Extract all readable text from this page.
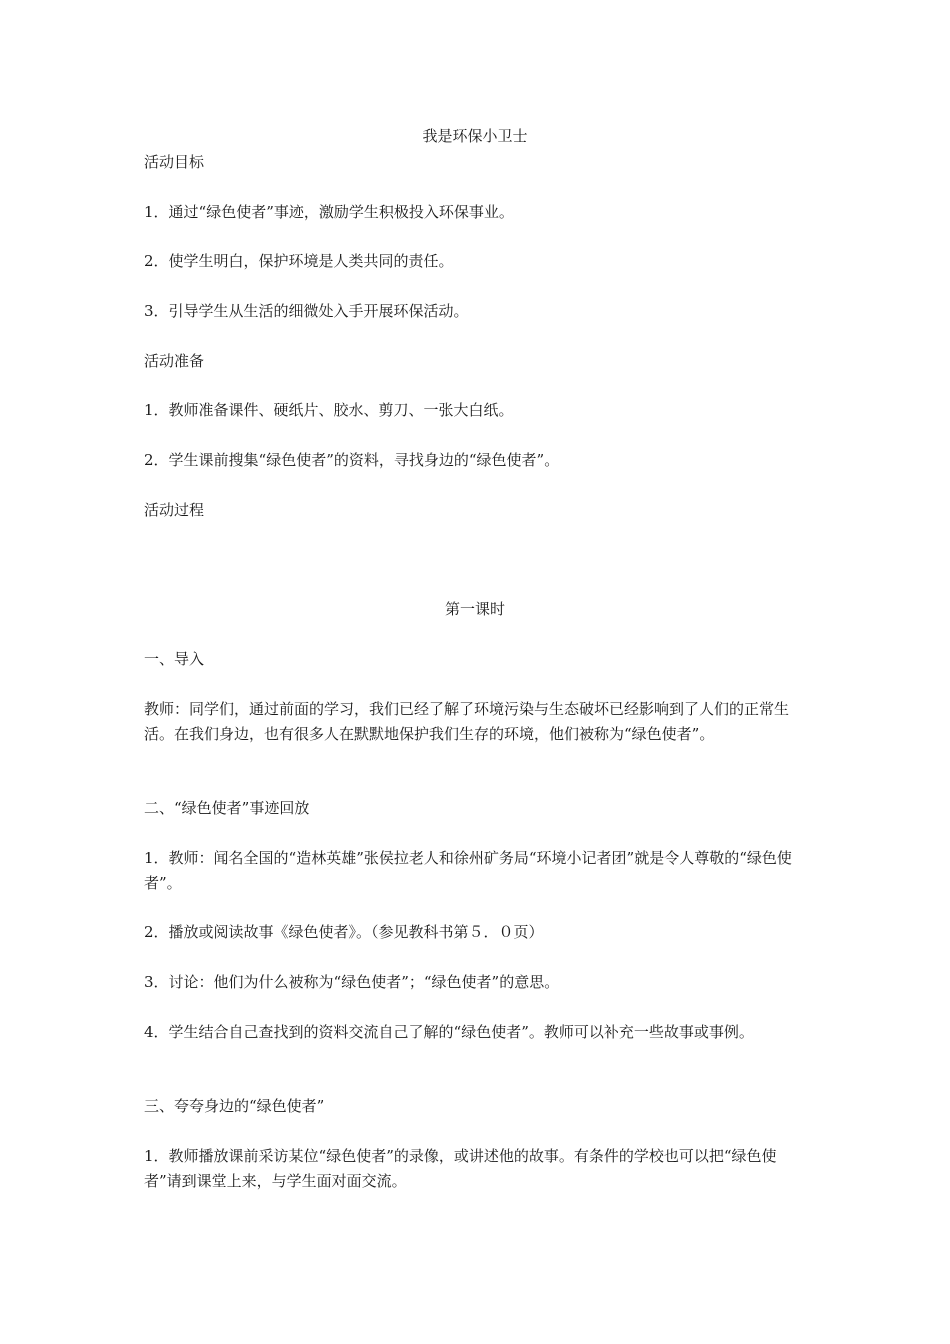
我是环保小卫士
活动目标
1．通过“绿色使者”事迹，激励学生积极投入环保事业。
2．使学生明白，保护环境是人类共同的责任。
3．引导学生从生活的细微处入手开展环保活动。
活动准备
1．教师准备课件、硬纸片、胶水、剪刀、一张大白纸。
2．学生课前搜集“绿色使者”的资料，寻找身边的“绿色使者”。
活动过程
第一课时
一、导入
教师：同学们，通过前面的学习，我们已经了解了环境污染与生态破坏已经影响到了人们的正常生活。在我们身边，也有很多人在默默地保护我们生存的环境，他们被称为“绿色使者”。
二、“绿色使者”事迹回放
1．教师：闻名全国的“造林英雄”张侯拉老人和徐州矿务局“环境小记者团”就是令人尊敬的“绿色使者”。
2．播放或阅读故事《绿色使者》。（参见教科书第５．０页）
3．讨论：他们为什么被称为“绿色使者”；“绿色使者”的意思。
4．学生结合自己查找到的资料交流自己了解的“绿色使者”。教师可以补充一些故事或事例。
三、夸夸身边的“绿色使者”
1．教师播放课前采访某位“绿色使者”的录像，或讲述他的故事。有条件的学校也可以把“绿色使者”请到课堂上来，与学生面对面交流。
